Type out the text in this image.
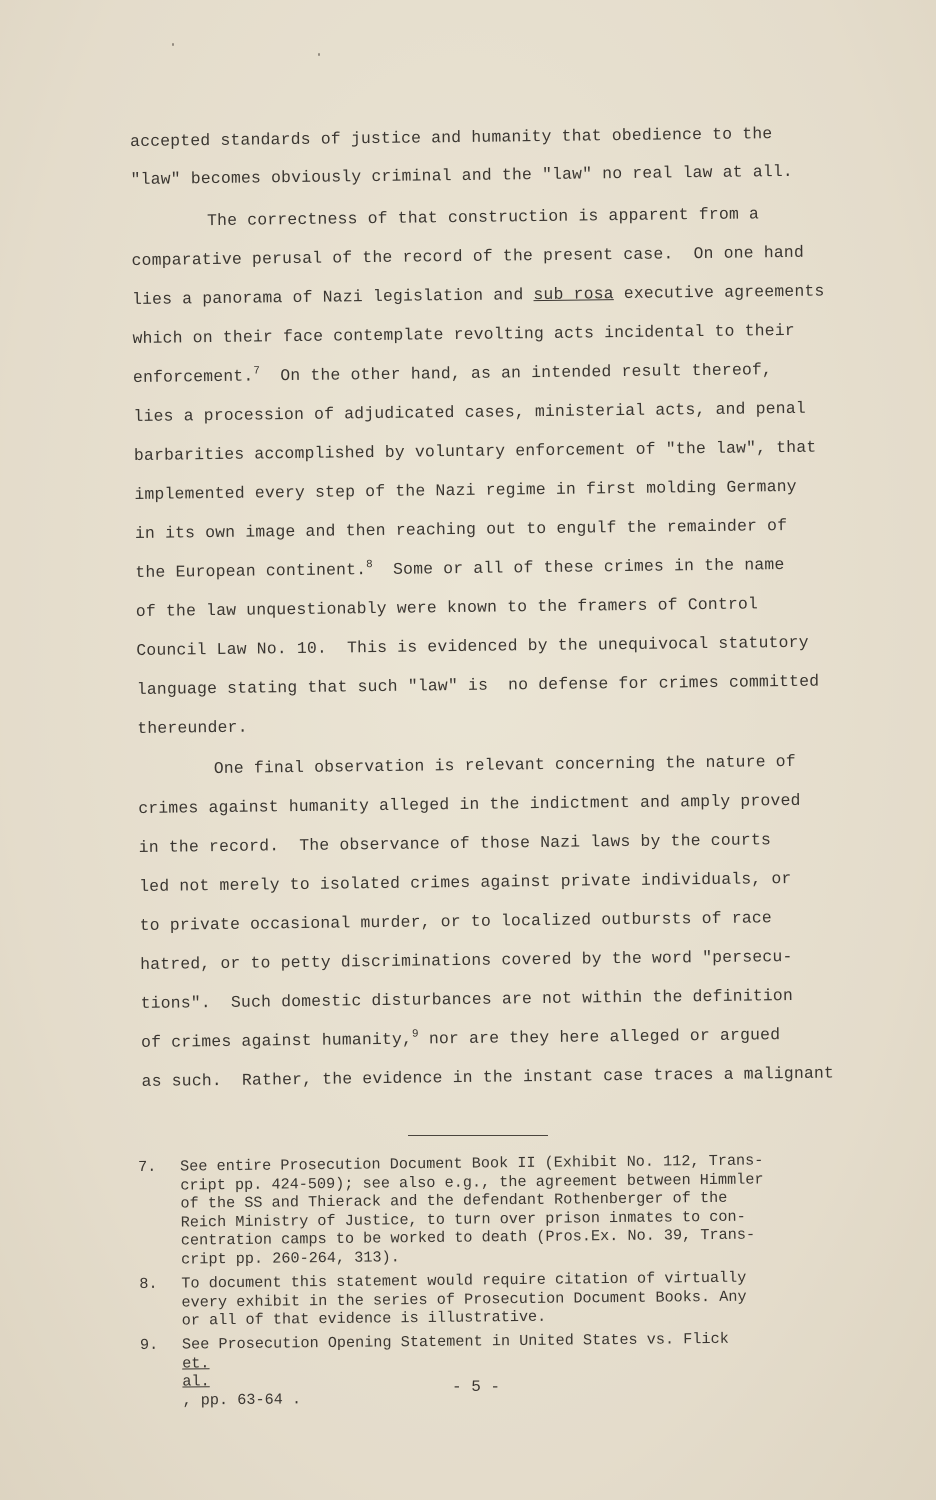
accepted standards of justice and humanity that obedience to the
"law" becomes obviously criminal and the "law" no real law at all.
The correctness of that construction is apparent from a
comparative perusal of the record of the present case.  On one hand
lies a panorama of Nazi legislation and sub rosa executive agreements
which on their face contemplate revolting acts incidental to their
enforcement.$^7$  On the other hand, as an intended result thereof,
lies a procession of adjudicated cases, ministerial acts, and penal
barbarities accomplished by voluntary enforcement of "the law", that
implemented every step of the Nazi regime in first molding Germany
in its own image and then reaching out to engulf the remainder of
the European continent.$^8$  Some or all of these crimes in the name
of the law unquestionably were known to the framers of Control
Council Law No. 10.  This is evidenced by the unequivocal statutory
language stating that such "law" is  no defense for crimes committed
thereunder.
One final observation is relevant concerning the nature of
crimes against humanity alleged in the indictment and amply proved
in the record.  The observance of those Nazi laws by the courts
led not merely to isolated crimes against private individuals, or
to private occasional murder, or to localized outbursts of race
hatred, or to petty discriminations covered by the word "persecu-
tions".  Such domestic disturbances are not within the definition
of crimes against humanity,$^9$ nor are they here alleged or argued
as such.  Rather, the evidence in the instant case traces a malignant
7. See entire Prosecution Document Book II (Exhibit No. 112, Trans-
cript pp. 424-509); see also e.g., the agreement between Himmler
of the SS and Thierack and the defendant Rothenberger of the
Reich Ministry of Justice, to turn over prison inmates to con-
centration camps to be worked to death (Pros.Ex. No. 39, Trans-
cript pp. 260-264, 313).
8. To document this statement would require citation of virtually
every exhibit in the series of Prosecution Document Books. Any
or all of that evidence is illustrative.
9. See Prosecution Opening Statement in United States vs. Flick
et.
al.
, pp. 63-64 .
- 5 -
